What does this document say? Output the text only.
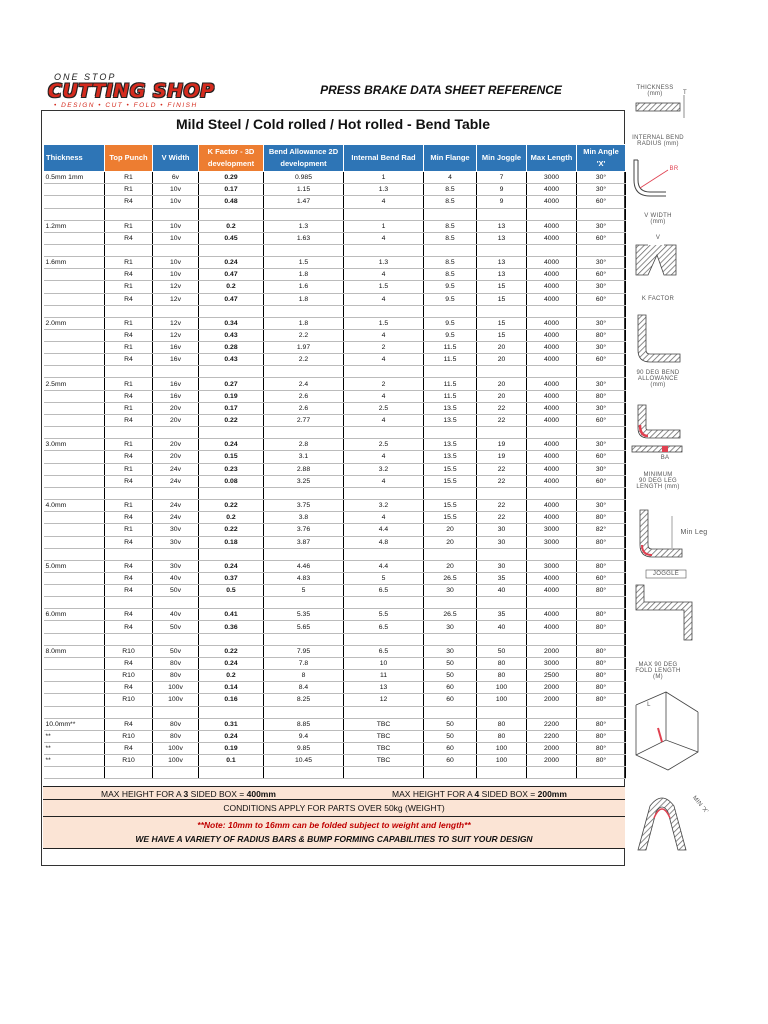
ONE STOP
CUTTING SHOP
• DESIGN • CUT • FOLD • FINISH
PRESS BRAKE DATA SHEET REFERENCE
Mild Steel / Cold rolled / Hot rolled - Bend Table
Thickness	Top Punch	V Width	K Factor - 3D development	Bend Allowance 2D development	Internal Bend Rad	Min Flange	Min Joggle	Max Length	Min Angle 'X'
0.5mm 1mm	R1	6v	0.29	0.985	1	4	7	3000	30°
	R1	10v	0.17	1.15	1.3	8.5	9	4000	30°
	R4	10v	0.48	1.47	4	8.5	9	4000	60°

1.2mm	R1	10v	0.2	1.3	1	8.5	13	4000	30°
	R4	10v	0.45	1.63	4	8.5	13	4000	60°

1.6mm	R1	10v	0.24	1.5	1.3	8.5	13	4000	30°
	R4	10v	0.47	1.8	4	8.5	13	4000	60°
	R1	12v	0.2	1.6	1.5	9.5	15	4000	30°
	R4	12v	0.47	1.8	4	9.5	15	4000	60°

2.0mm	R1	12v	0.34	1.8	1.5	9.5	15	4000	30°
	R4	12v	0.43	2.2	4	9.5	15	4000	80°
	R1	16v	0.28	1.97	2	11.5	20	4000	30°
	R4	16v	0.43	2.2	4	11.5	20	4000	60°

2.5mm	R1	16v	0.27	2.4	2	11.5	20	4000	30°
	R4	16v	0.19	2.6	4	11.5	20	4000	80°
	R1	20v	0.17	2.6	2.5	13.5	22	4000	30°
	R4	20v	0.22	2.77	4	13.5	22	4000	60°

3.0mm	R1	20v	0.24	2.8	2.5	13.5	19	4000	30°
	R4	20v	0.15	3.1	4	13.5	19	4000	60°
	R1	24v	0.23	2.88	3.2	15.5	22	4000	30°
	R4	24v	0.08	3.25	4	15.5	22	4000	60°

4.0mm	R1	24v	0.22	3.75	3.2	15.5	22	4000	30°
	R4	24v	0.2	3.8	4	15.5	22	4000	80°
	R1	30v	0.22	3.76	4.4	20	30	3000	82°
	R4	30v	0.18	3.87	4.8	20	30	3000	80°

5.0mm	R4	30v	0.24	4.46	4.4	20	30	3000	80°
	R4	40v	0.37	4.83	5	26.5	35	4000	60°
	R4	50v	0.5	5	6.5	30	40	4000	80°

6.0mm	R4	40v	0.41	5.35	5.5	26.5	35	4000	80°
	R4	50v	0.36	5.65	6.5	30	40	4000	80°

8.0mm	R10	50v	0.22	7.95	6.5	30	50	2000	80°
	R4	80v	0.24	7.8	10	50	80	3000	80°
	R10	80v	0.2	8	11	50	80	2500	80°
	R4	100v	0.14	8.4	13	60	100	2000	80°
	R10	100v	0.16	8.25	12	60	100	2000	80°

10.0mm**	R4	80v	0.31	8.85	TBC	50	80	2200	80°
**	R10	80v	0.24	9.4	TBC	50	80	2200	80°
**	R4	100v	0.19	9.85	TBC	60	100	2000	80°
**	R10	100v	0.1	10.45	TBC	60	100	2000	80°

MAX HEIGHT FOR A 3 SIDED BOX = 400mm	MAX HEIGHT FOR A 4 SIDED BOX = 200mm
CONDITIONS APPLY FOR PARTS OVER 50kg (WEIGHT)
**Note: 10mm to 16mm can be folded subject to weight and length**
WE HAVE A VARIETY OF RADIUS BARS & BUMP FORMING CAPABILITIES TO SUIT YOUR DESIGN
THICKNESS
(mm)	T
INTERNAL BEND
RADIUS (mm)
BR
V WIDTH
(mm)
V
K FACTOR
90 DEG BEND
ALLOWANCE
(mm)
BA
MINIMUM
90 DEG LEG
LENGTH (mm)
Min Leg
JOGGLE
MAX 90 DEG
FOLD LENGTH
(M)
L
MIN 'X'
